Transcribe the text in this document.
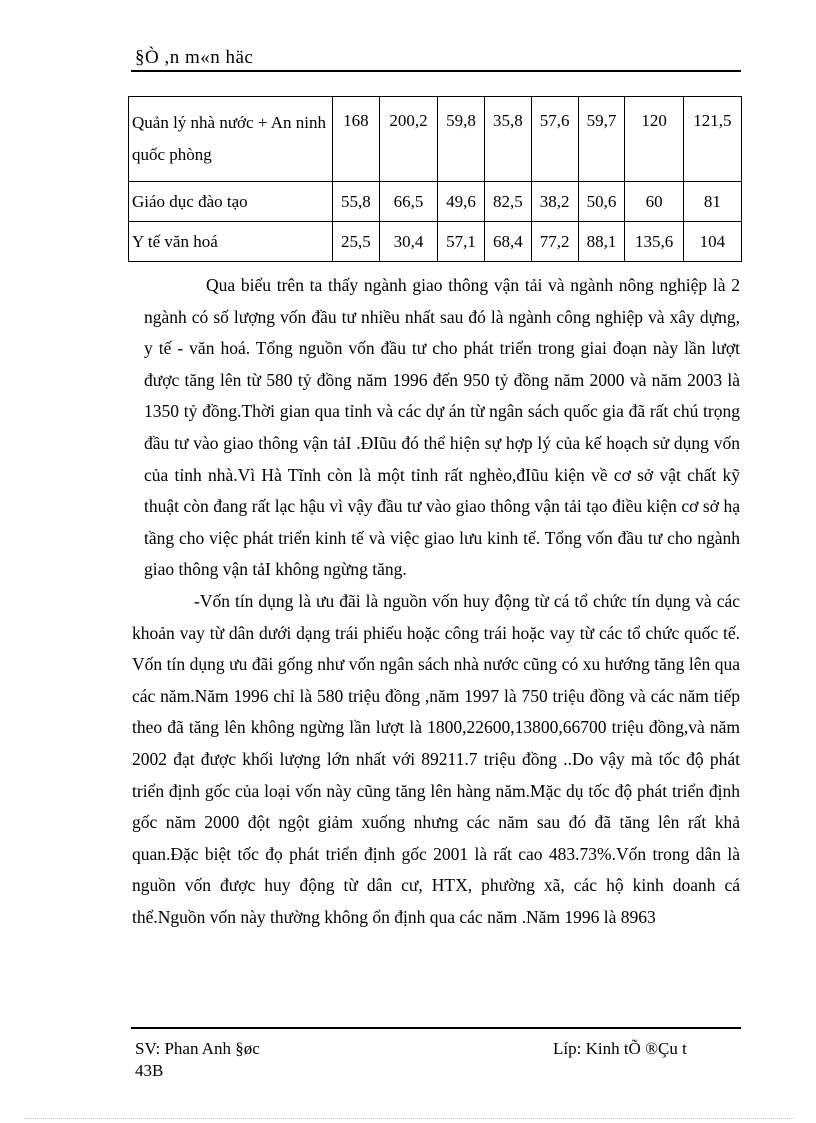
§Ò ,n m«n häc
Quản lý nhà nước + An ninh quốc phòng	168	200,2	59,8	35,8	57,6	59,7	120	121,5
Giáo dục đào tạo	55,8	66,5	49,6	82,5	38,2	50,6	60	81
Y tế văn hoá	25,5	30,4	57,1	68,4	77,2	88,1	135,6	104

Qua biểu trên ta thấy ngành giao thông vận tải và ngành nông nghiệp là 2 ngành có số lượng vốn đầu tư nhiều nhất sau đó là ngành công nghiệp và xây dựng, y tế - văn hoá. Tổng nguồn vốn đầu tư cho phát triển trong giai đoạn này lần lượt được tăng lên từ 580 tỷ đồng năm 1996 đến 950 tỷ đồng năm 2000 và năm 2003 là 1350 tỷ đồng.Thời gian qua tỉnh và các dự án từ ngân sách quốc gia đã rất chú trọng đầu tư vào giao thông vận tảI .ĐIũu đó thể hiện sự hợp lý của kế hoạch sử dụng vốn của tỉnh nhà.Vì Hà Tĩnh còn là một tỉnh rất nghèo,đIũu kiện về cơ sở vật chất kỹ thuật còn đang rất lạc hậu vì vậy đầu tư vào giao thông vận tải tạo điều kiện cơ sở hạ tầng cho việc phát triển kinh tế và việc giao lưu kinh tế. Tổng vốn đầu tư cho ngành giao thông vận tảI không ngừng tăng.

-Vốn tín dụng là ưu đãi là nguồn vốn huy động từ cá tổ chức tín dụng và các khoản vay từ dân dưới dạng trái phiếu hoặc công trái hoặc vay từ các tổ chức quốc tế. Vốn tín dụng ưu đãi gống như vốn ngân sách nhà nước cũng có xu hướng tăng lên qua các năm.Năm 1996 chỉ là 580 triệu đồng ,năm 1997 là 750 triệu đồng và các năm tiếp theo đã tăng lên không ngừng lần lượt là 1800,22600,13800,66700 triệu đồng,và năm 2002 đạt được khối lượng lớn nhất với 89211.7 triệu đồng ..Do vậy mà tốc độ phát triển định gốc của loại vốn này cũng tăng lên hàng năm.Mặc dụ tốc độ phát triển định gốc năm 2000 đột ngột giảm xuống nhưng các năm sau đó đã tăng lên rất khả quan.Đặc biệt tốc đọ phát triển định gốc 2001 là rất cao 483.73%.Vốn trong dân là nguồn vốn được huy động từ dân cư, HTX, phường xã, các hộ kinh doanh cá thể.Nguồn vốn này thường không ổn định qua các năm .Năm 1996 là 8963

SV: Phan Anh §øc
43B
Líp: Kinh tÕ ®Çu t
